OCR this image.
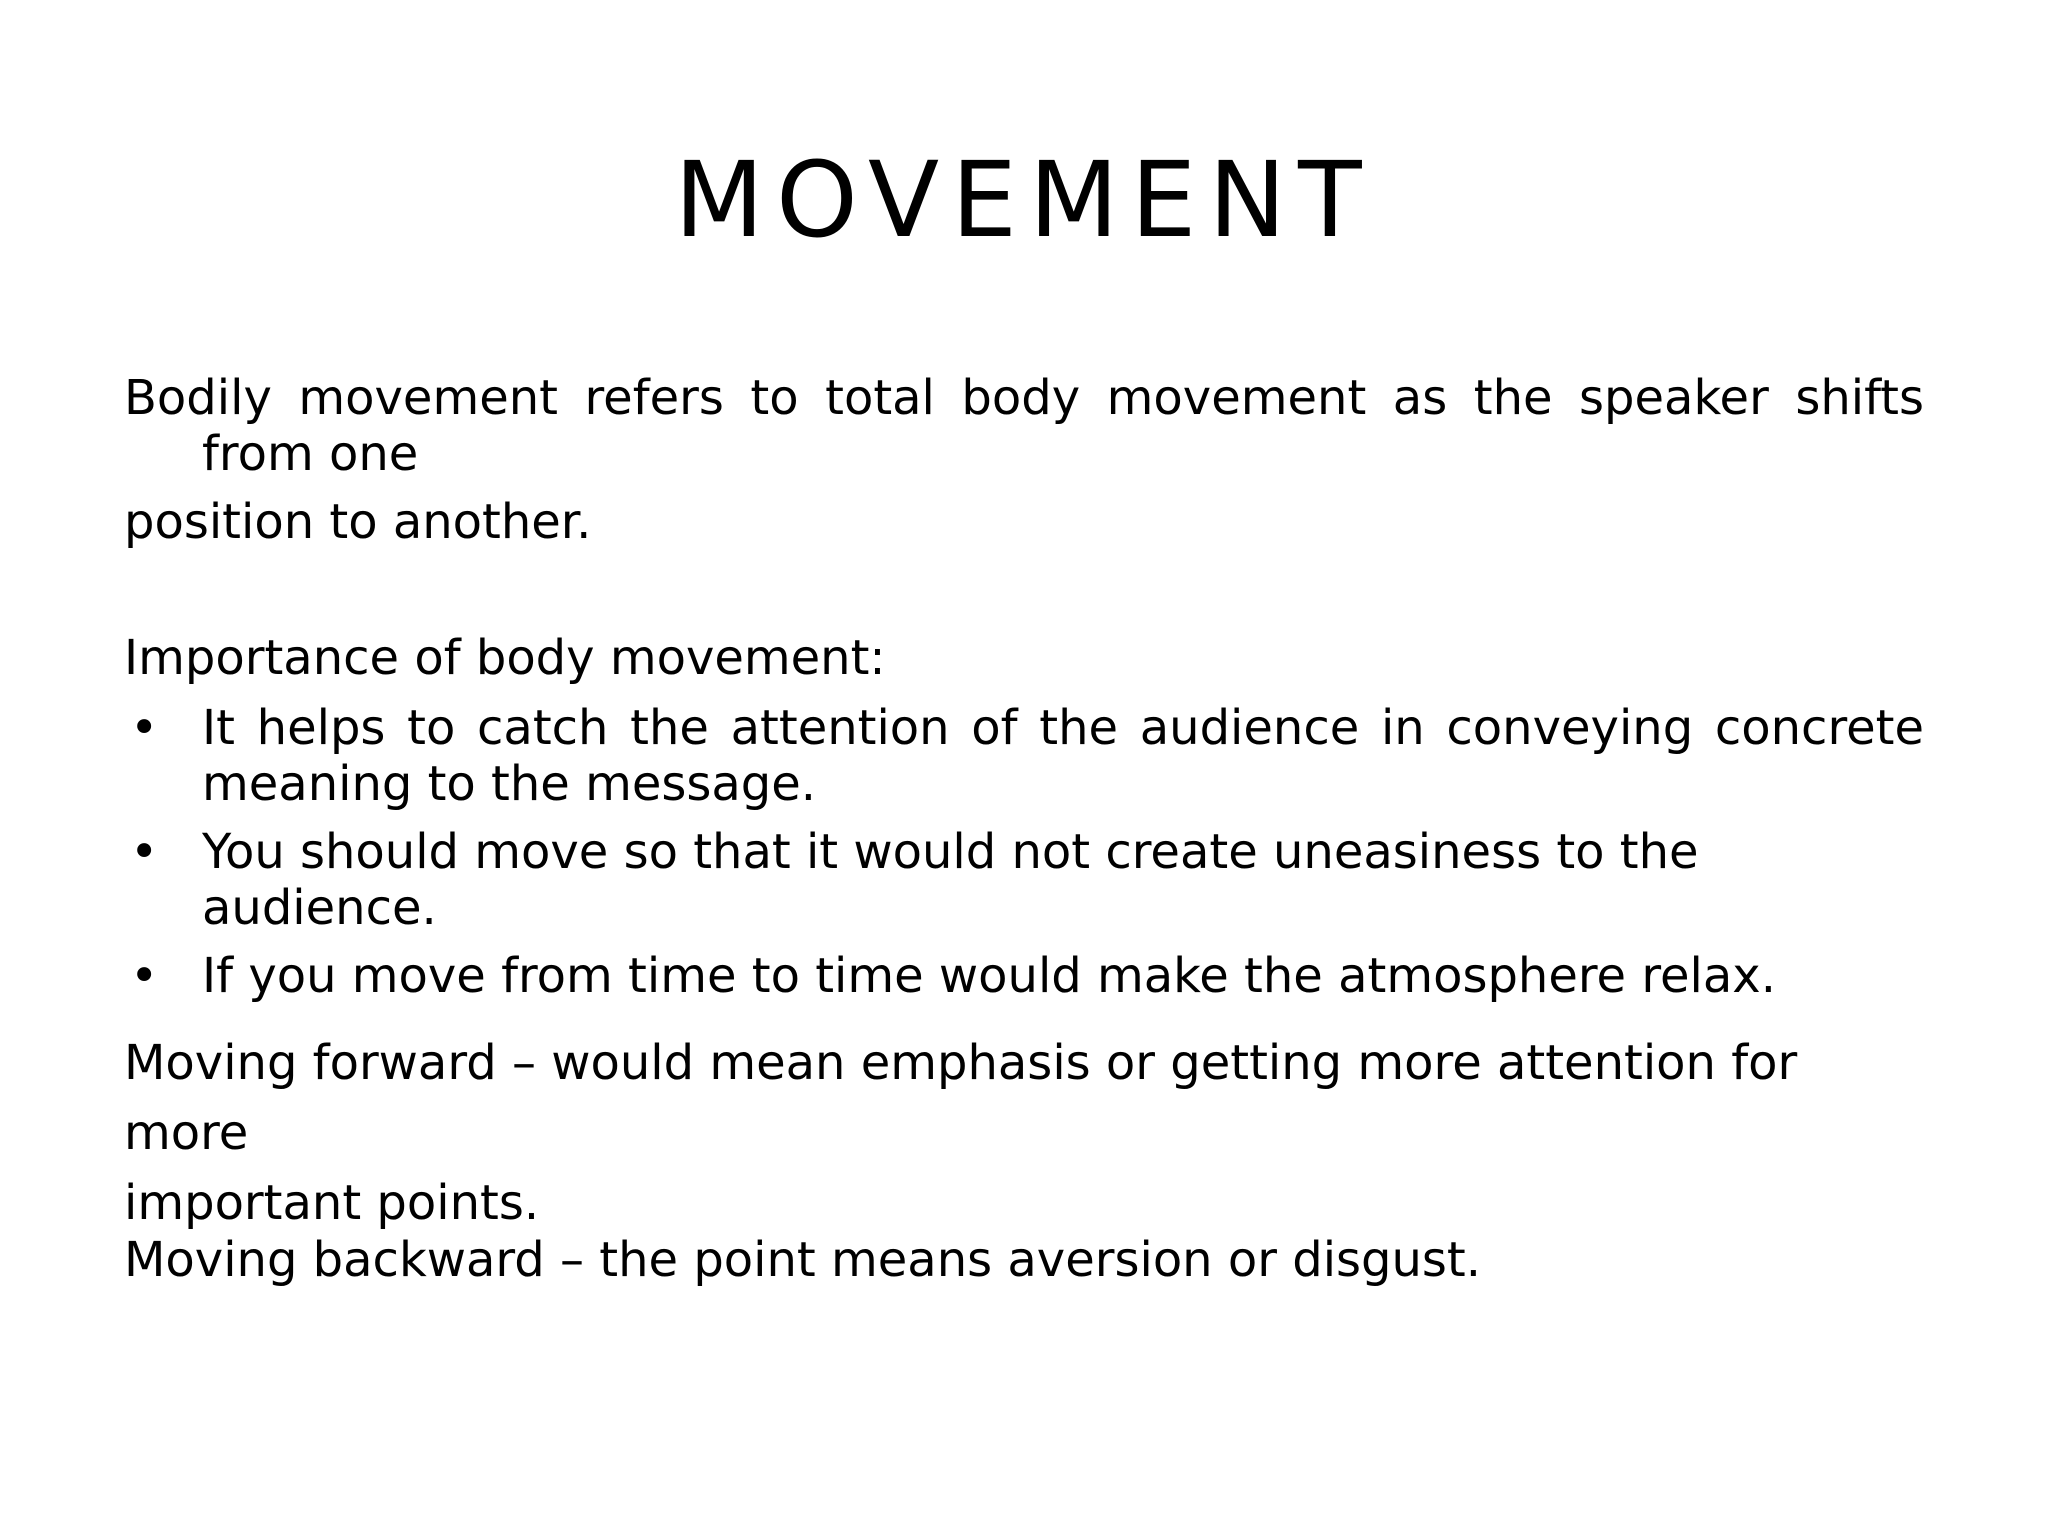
MOVEMENT
Bodily movement refers to total body movement as the speaker shifts
from one
position to another.
Importance of body movement:
• It helps to catch the attention of the audience in conveying concrete meaning to the message.
• You should move so that it would not create uneasiness to the audience.
• If you move from time to time would make the atmosphere relax.
Moving forward – would mean emphasis or getting more attention for more
important points.
Moving backward – the point means aversion or disgust.
